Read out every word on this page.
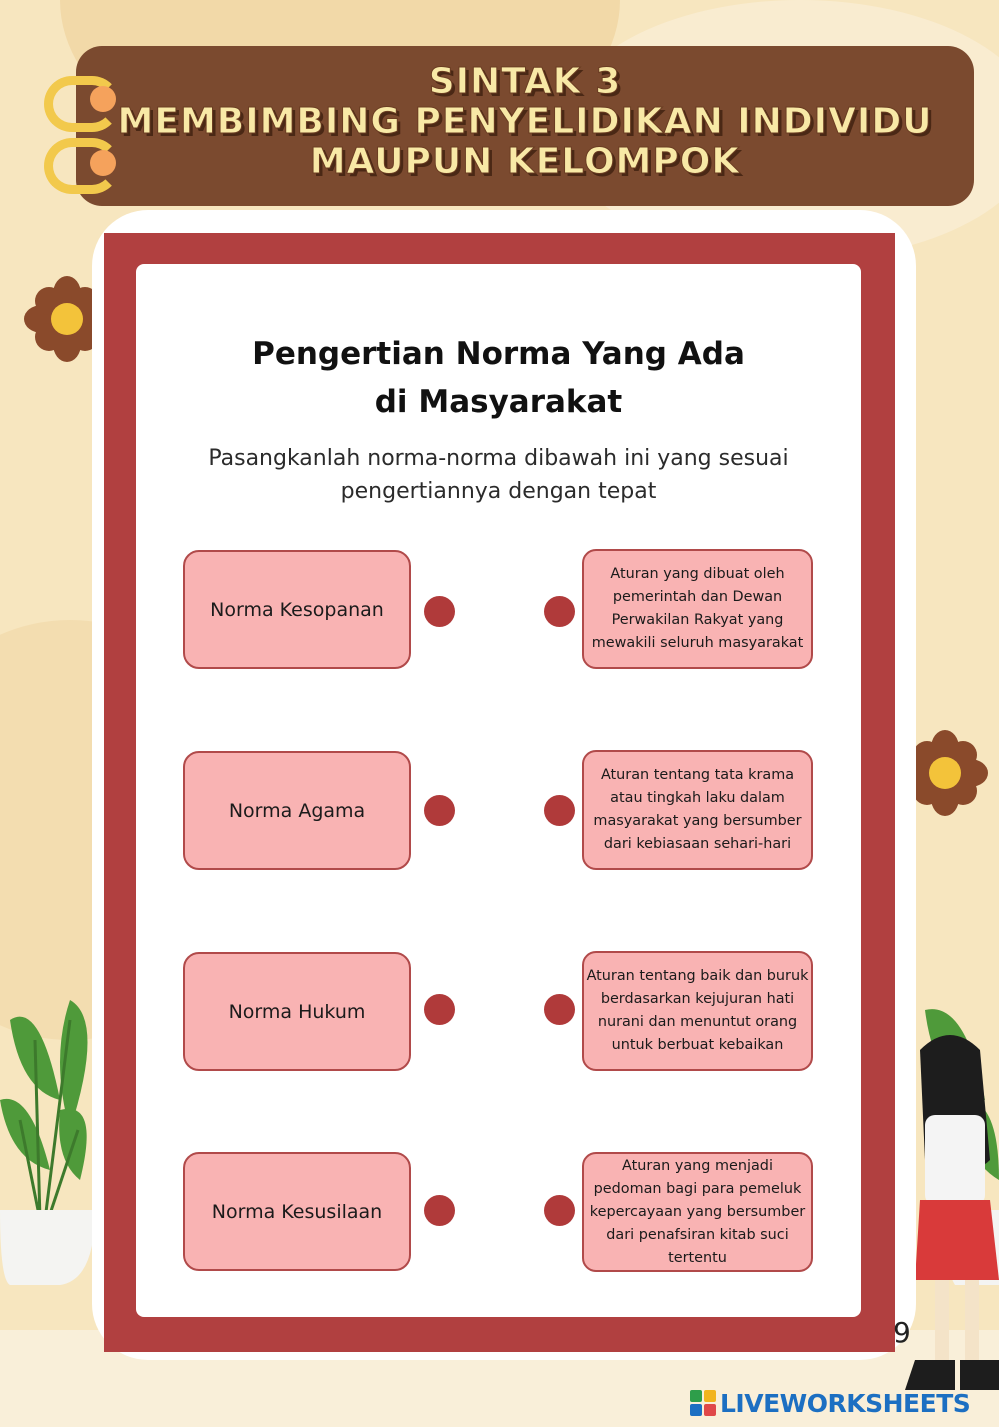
SINTAK 3
MEMBIMBING PENYELIDIKAN INDIVIDU
MAUPUN KELOMPOK
Pengertian Norma Yang Ada
di Masyarakat
Pasangkanlah norma-norma dibawah ini yang sesuai pengertiannya dengan tepat
Norma Kesopanan
Aturan yang dibuat oleh pemerintah dan Dewan Perwakilan Rakyat yang mewakili seluruh masyarakat
Norma Agama
Aturan tentang tata krama atau tingkah laku dalam masyarakat yang bersumber dari kebiasaan sehari-hari
Norma Hukum
Aturan tentang baik dan buruk berdasarkan kejujuran hati nurani dan menuntut orang untuk berbuat kebaikan
Norma Kesusilaan
Aturan yang menjadi pedoman bagi para pemeluk kepercayaan yang bersumber dari penafsiran kitab suci tertentu
9
LIVEWORKSHEETS
